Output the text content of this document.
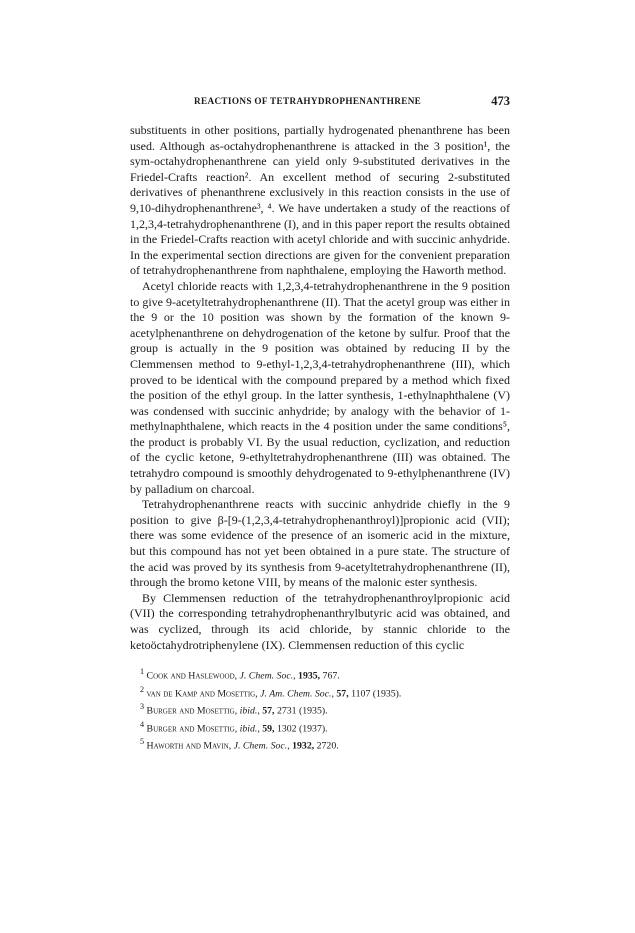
REACTIONS OF TETRAHYDROPHENANTHRENE	473

substituents in other positions, partially hydrogenated phenanthrene has been used. Although as-octahydrophenanthrene is attacked in the 3 position¹, the sym-octahydrophenanthrene can yield only 9-substituted derivatives in the Friedel-Crafts reaction². An excellent method of securing 2-substituted derivatives of phenanthrene exclusively in this reaction consists in the use of 9,10-dihydrophenanthrene³, ⁴. We have undertaken a study of the reactions of 1,2,3,4-tetrahydrophenanthrene (I), and in this paper report the results obtained in the Friedel-Crafts reaction with acetyl chloride and with succinic anhydride. In the experimental section directions are given for the convenient preparation of tetrahydrophenanthrene from naphthalene, employing the Haworth method.

Acetyl chloride reacts with 1,2,3,4-tetrahydrophenanthrene in the 9 position to give 9-acetyltetrahydrophenanthrene (II). That the acetyl group was either in the 9 or the 10 position was shown by the formation of the known 9-acetylphenanthrene on dehydrogenation of the ketone by sulfur. Proof that the group is actually in the 9 position was obtained by reducing II by the Clemmensen method to 9-ethyl-1,2,3,4-tetrahydrophenanthrene (III), which proved to be identical with the compound prepared by a method which fixed the position of the ethyl group. In the latter synthesis, 1-ethylnaphthalene (V) was condensed with succinic anhydride; by analogy with the behavior of 1-methylnaphthalene, which reacts in the 4 position under the same conditions⁵, the product is probably VI. By the usual reduction, cyclization, and reduction of the cyclic ketone, 9-ethyltetrahydrophenanthrene (III) was obtained. The tetrahydro compound is smoothly dehydrogenated to 9-ethylphenanthrene (IV) by palladium on charcoal.

Tetrahydrophenanthrene reacts with succinic anhydride chiefly in the 9 position to give β-[9-(1,2,3,4-tetrahydrophenanthroyl)]propionic acid (VII); there was some evidence of the presence of an isomeric acid in the mixture, but this compound has not yet been obtained in a pure state. The structure of the acid was proved by its synthesis from 9-acetyltetrahydrophenanthrene (II), through the bromo ketone VIII, by means of the malonic ester synthesis.

By Clemmensen reduction of the tetrahydrophenanthroylpropionic acid (VII) the corresponding tetrahydrophenanthrylbutyric acid was obtained, and was cyclized, through its acid chloride, by stannic chloride to the ketoöctahydrotriphenylene (IX). Clemmensen reduction of this cyclic

$^1$ Cook and Haslewood, J. Chem. Soc., 1935, 767.

$^2$ van de Kamp and Mosettig, J. Am. Chem. Soc., 57, 1107 (1935).

$^3$ Burger and Mosettig, ibid., 57, 2731 (1935).

$^4$ Burger and Mosettig, ibid., 59, 1302 (1937).

$^5$ Haworth and Mavin, J. Chem. Soc., 1932, 2720.
